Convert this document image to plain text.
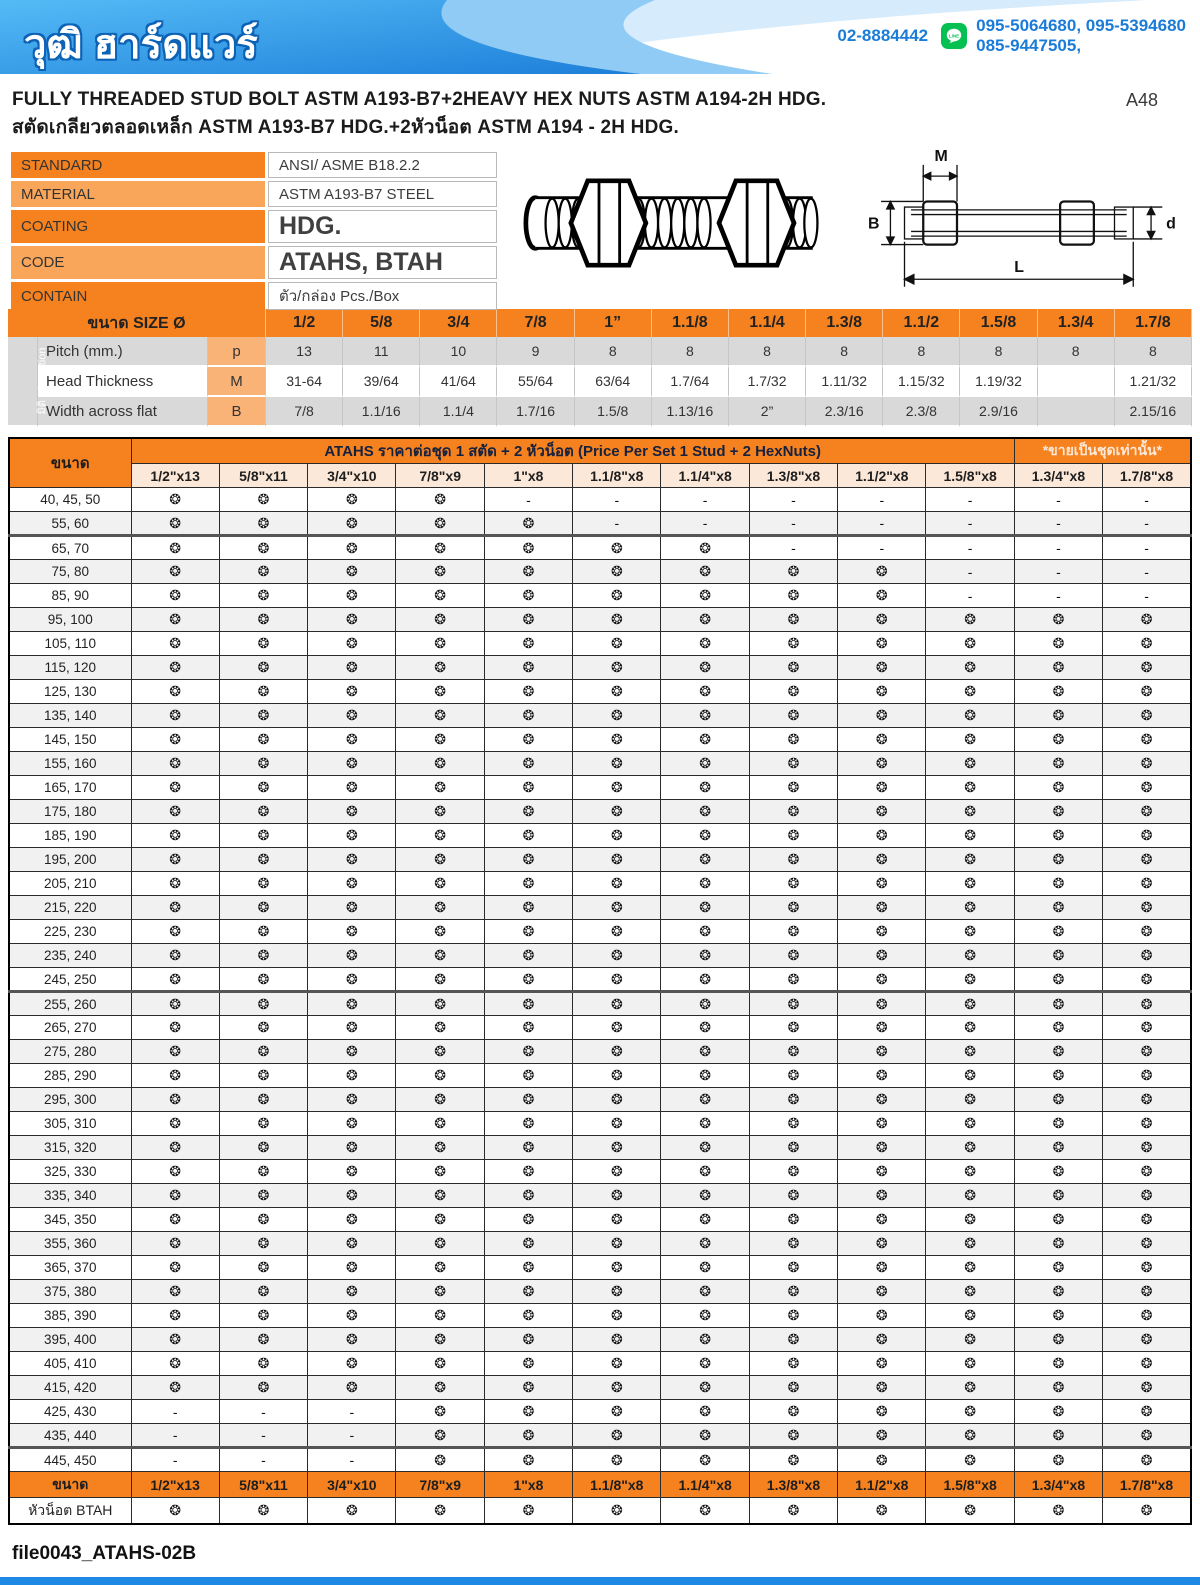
วุฒิ ฮาร์ดแวร์	02-8884442	LINE
095-5064680, 095-5394680
085-9447505,
FULLY THREADED STUD BOLT ASTM A193-B7+2HEAVY HEX NUTS ASTM A194-2H HDG.
สตัดเกลียวตลอดเหล็ก ASTM A193-B7 HDG.+2หัวน็อต ASTM A194 - 2H HDG.
A48
STANDARD	ANSI/ ASME B18.2.2
MATERIAL	ASTM A193-B7 STEEL
COATING	HDG.
CODE	ATAHS, BTAH
CONTAIN	ตัว/กล่อง Pcs./Box
M
B	d
L
ขนาด SIZE Ø			1/2	5/8	3/4	7/8	1”	1.1/8	1.1/4	1.3/8	1.1/2	1.5/8	1.3/4	1.7/8
มิติ Dimention	Pitch (mm.)	p	13	11	10	9	8	8	8	8	8	8	8	8
	Head Thickness	M	31-64	39/64	41/64	55/64	63/64	1.7/64	1.7/32	1.11/32	1.15/32	1.19/32		1.21/32
	Width across flat	B	7/8	1.1/16	1.1/4	1.7/16	1.5/8	1.13/16	2”	2.3/16	2.3/8	2.9/16		2.15/16
ขนาด	ATAHS ราคาต่อชุด 1 สตัด + 2 หัวน็อต (Price Per Set 1 Stud + 2 HexNuts)										*ขายเป็นชุดเท่านั้น*	
	1/2"x13	5/8"x11	3/4"x10	7/8"x9	1"x8	1.1/8"x8	1.1/4"x8	1.3/8"x8	1.1/2"x8	1.5/8"x8	1.3/4"x8	1.7/8"x8
40, 45, 50	❂	❂	❂	❂	-	-	-	-	-	-	-	-
55, 60	❂	❂	❂	❂	❂	-	-	-	-	-	-	-
65, 70	❂	❂	❂	❂	❂	❂	❂	-	-	-	-	-
75, 80	❂	❂	❂	❂	❂	❂	❂	❂	❂	-	-	-
85, 90	❂	❂	❂	❂	❂	❂	❂	❂	❂	-	-	-
95, 100	❂	❂	❂	❂	❂	❂	❂	❂	❂	❂	❂	❂
105, 110	❂	❂	❂	❂	❂	❂	❂	❂	❂	❂	❂	❂
115, 120	❂	❂	❂	❂	❂	❂	❂	❂	❂	❂	❂	❂
125, 130	❂	❂	❂	❂	❂	❂	❂	❂	❂	❂	❂	❂
135, 140	❂	❂	❂	❂	❂	❂	❂	❂	❂	❂	❂	❂
145, 150	❂	❂	❂	❂	❂	❂	❂	❂	❂	❂	❂	❂
155, 160	❂	❂	❂	❂	❂	❂	❂	❂	❂	❂	❂	❂
165, 170	❂	❂	❂	❂	❂	❂	❂	❂	❂	❂	❂	❂
175, 180	❂	❂	❂	❂	❂	❂	❂	❂	❂	❂	❂	❂
185, 190	❂	❂	❂	❂	❂	❂	❂	❂	❂	❂	❂	❂
195, 200	❂	❂	❂	❂	❂	❂	❂	❂	❂	❂	❂	❂
205, 210	❂	❂	❂	❂	❂	❂	❂	❂	❂	❂	❂	❂
215, 220	❂	❂	❂	❂	❂	❂	❂	❂	❂	❂	❂	❂
225, 230	❂	❂	❂	❂	❂	❂	❂	❂	❂	❂	❂	❂
235, 240	❂	❂	❂	❂	❂	❂	❂	❂	❂	❂	❂	❂
245, 250	❂	❂	❂	❂	❂	❂	❂	❂	❂	❂	❂	❂
255, 260	❂	❂	❂	❂	❂	❂	❂	❂	❂	❂	❂	❂
265, 270	❂	❂	❂	❂	❂	❂	❂	❂	❂	❂	❂	❂
275, 280	❂	❂	❂	❂	❂	❂	❂	❂	❂	❂	❂	❂
285, 290	❂	❂	❂	❂	❂	❂	❂	❂	❂	❂	❂	❂
295, 300	❂	❂	❂	❂	❂	❂	❂	❂	❂	❂	❂	❂
305, 310	❂	❂	❂	❂	❂	❂	❂	❂	❂	❂	❂	❂
315, 320	❂	❂	❂	❂	❂	❂	❂	❂	❂	❂	❂	❂
325, 330	❂	❂	❂	❂	❂	❂	❂	❂	❂	❂	❂	❂
335, 340	❂	❂	❂	❂	❂	❂	❂	❂	❂	❂	❂	❂
345, 350	❂	❂	❂	❂	❂	❂	❂	❂	❂	❂	❂	❂
355, 360	❂	❂	❂	❂	❂	❂	❂	❂	❂	❂	❂	❂
365, 370	❂	❂	❂	❂	❂	❂	❂	❂	❂	❂	❂	❂
375, 380	❂	❂	❂	❂	❂	❂	❂	❂	❂	❂	❂	❂
385, 390	❂	❂	❂	❂	❂	❂	❂	❂	❂	❂	❂	❂
395, 400	❂	❂	❂	❂	❂	❂	❂	❂	❂	❂	❂	❂
405, 410	❂	❂	❂	❂	❂	❂	❂	❂	❂	❂	❂	❂
415, 420	❂	❂	❂	❂	❂	❂	❂	❂	❂	❂	❂	❂
425, 430	-	-	-	❂	❂	❂	❂	❂	❂	❂	❂	❂
435, 440	-	-	-	❂	❂	❂	❂	❂	❂	❂	❂	❂
445, 450	-	-	-	❂	❂	❂	❂	❂	❂	❂	❂	❂
ขนาด	1/2"x13	5/8"x11	3/4"x10	7/8"x9	1"x8	1.1/8"x8	1.1/4"x8	1.3/8"x8	1.1/2"x8	1.5/8"x8	1.3/4"x8	1.7/8"x8
หัวน็อต BTAH	❂	❂	❂	❂	❂	❂	❂	❂	❂	❂	❂	❂
file0043_ATAHS-02B
